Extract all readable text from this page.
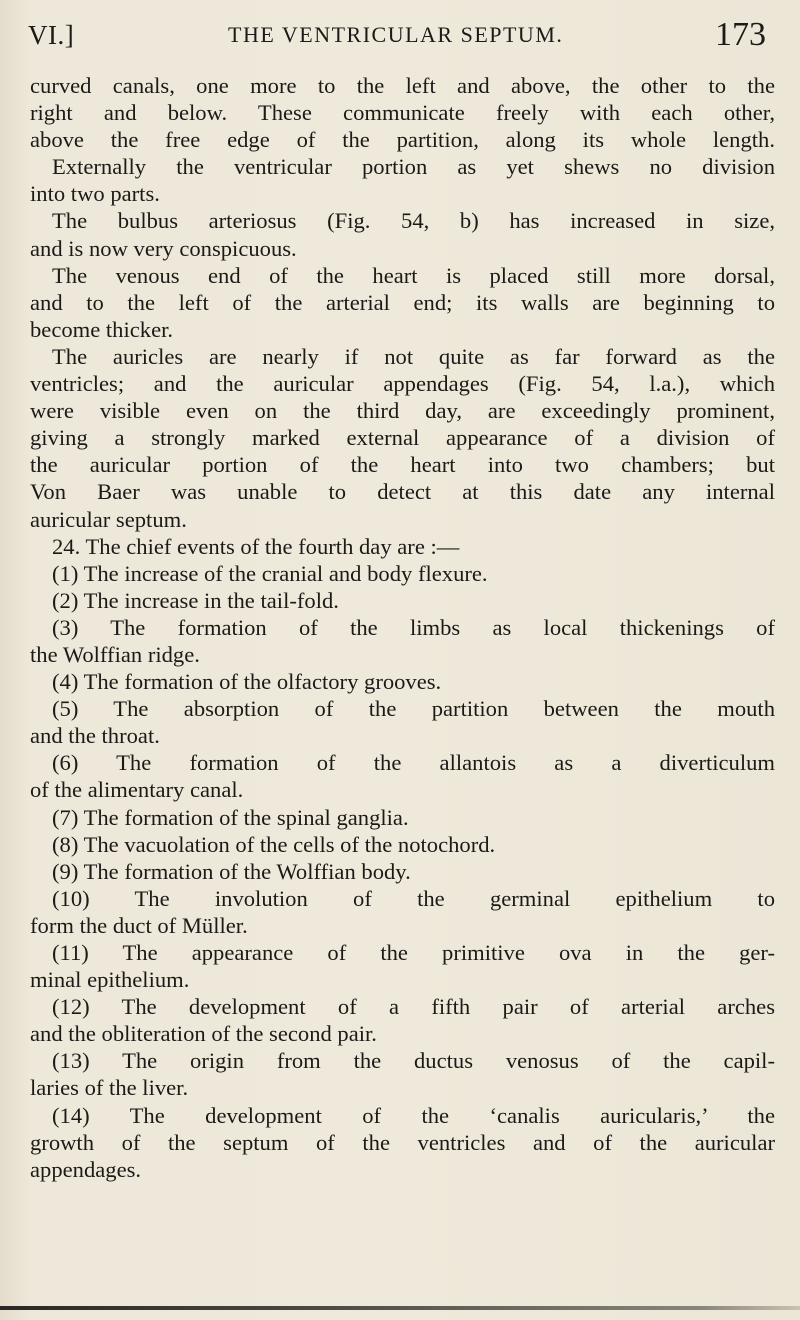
VI.]	THE VENTRICULAR SEPTUM.	173
curved canals, one more to the left and above, the other to the
right and below. These communicate freely with each other,
above the free edge of the partition, along its whole length.
Externally the ventricular portion as yet shews no division
into two parts.
The bulbus arteriosus (Fig. 54, b) has increased in size,
and is now very conspicuous.
The venous end of the heart is placed still more dorsal,
and to the left of the arterial end; its walls are beginning to
become thicker.
The auricles are nearly if not quite as far forward as the
ventricles; and the auricular appendages (Fig. 54, l.a.), which
were visible even on the third day, are exceedingly prominent,
giving a strongly marked external appearance of a division of
the auricular portion of the heart into two chambers; but
Von Baer was unable to detect at this date any internal
auricular septum.
24. The chief events of the fourth day are :—
(1) The increase of the cranial and body flexure.
(2) The increase in the tail-fold.
(3) The formation of the limbs as local thickenings of
the Wolffian ridge.
(4) The formation of the olfactory grooves.
(5) The absorption of the partition between the mouth
and the throat.
(6) The formation of the allantois as a diverticulum
of the alimentary canal.
(7) The formation of the spinal ganglia.
(8) The vacuolation of the cells of the notochord.
(9) The formation of the Wolffian body.
(10) The involution of the germinal epithelium to
form the duct of Müller.
(11) The appearance of the primitive ova in the ger-
minal epithelium.
(12) The development of a fifth pair of arterial arches
and the obliteration of the second pair.
(13) The origin from the ductus venosus of the capil-
laries of the liver.
(14) The development of the ‘canalis auricularis,’ the
growth of the septum of the ventricles and of the auricular
appendages.
